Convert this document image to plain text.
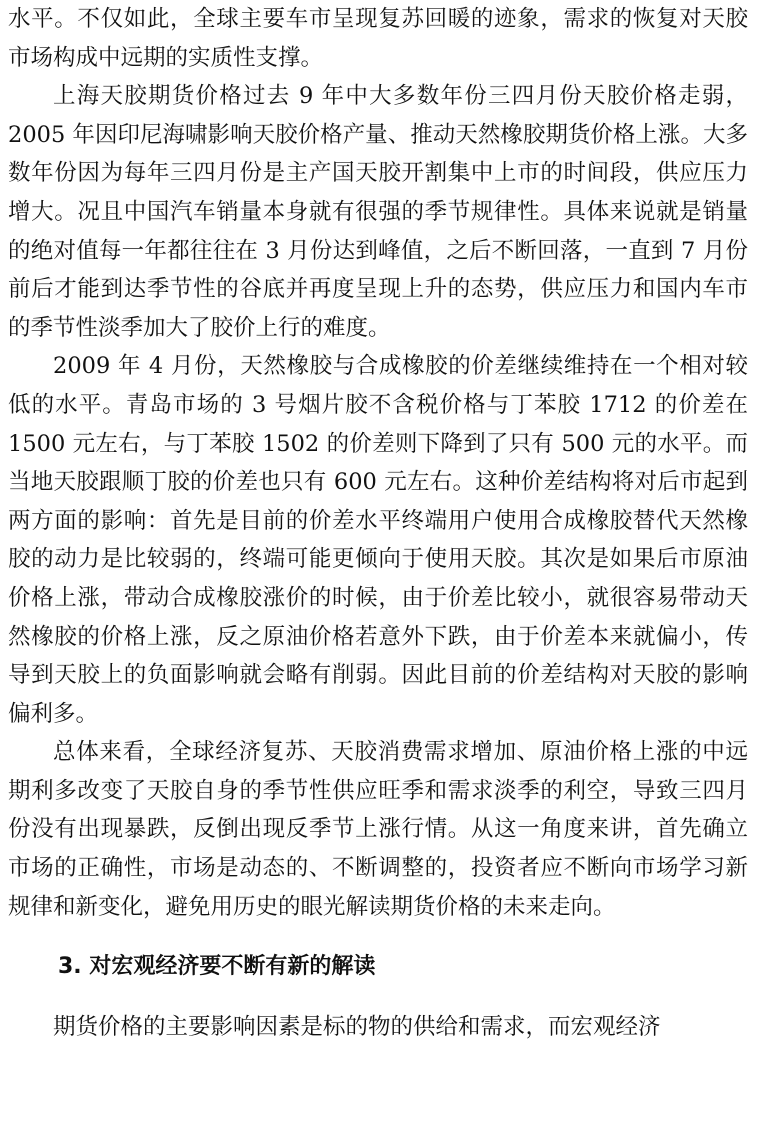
水平。不仅如此，全球主要车市呈现复苏回暖的迹象，需求的恢复对天胶市场构成中远期的实质性支撑。

上海天胶期货价格过去 9 年中大多数年份三四月份天胶价格走弱，2005 年因印尼海啸影响天胶价格产量、推动天然橡胶期货价格上涨。大多数年份因为每年三四月份是主产国天胶开割集中上市的时间段，供应压力增大。况且中国汽车销量本身就有很强的季节规律性。具体来说就是销量的绝对值每一年都往往在 3 月份达到峰值，之后不断回落，一直到 7 月份前后才能到达季节性的谷底并再度呈现上升的态势，供应压力和国内车市的季节性淡季加大了胶价上行的难度。

2009 年 4 月份，天然橡胶与合成橡胶的价差继续维持在一个相对较低的水平。青岛市场的 3 号烟片胶不含税价格与丁苯胶 1712 的价差在 1500 元左右，与丁苯胶 1502 的价差则下降到了只有 500 元的水平。而当地天胶跟顺丁胶的价差也只有 600 元左右。这种价差结构将对后市起到两方面的影响：首先是目前的价差水平终端用户使用合成橡胶替代天然橡胶的动力是比较弱的，终端可能更倾向于使用天胶。其次是如果后市原油价格上涨，带动合成橡胶涨价的时候，由于价差比较小，就很容易带动天然橡胶的价格上涨，反之原油价格若意外下跌，由于价差本来就偏小，传导到天胶上的负面影响就会略有削弱。因此目前的价差结构对天胶的影响偏利多。

总体来看，全球经济复苏、天胶消费需求增加、原油价格上涨的中远期利多改变了天胶自身的季节性供应旺季和需求淡季的利空，导致三四月份没有出现暴跌，反倒出现反季节上涨行情。从这一角度来讲，首先确立市场的正确性，市场是动态的、不断调整的，投资者应不断向市场学习新规律和新变化，避免用历史的眼光解读期货价格的未来走向。

3. 对宏观经济要不断有新的解读

期货价格的主要影响因素是标的物的供给和需求，而宏观经济
